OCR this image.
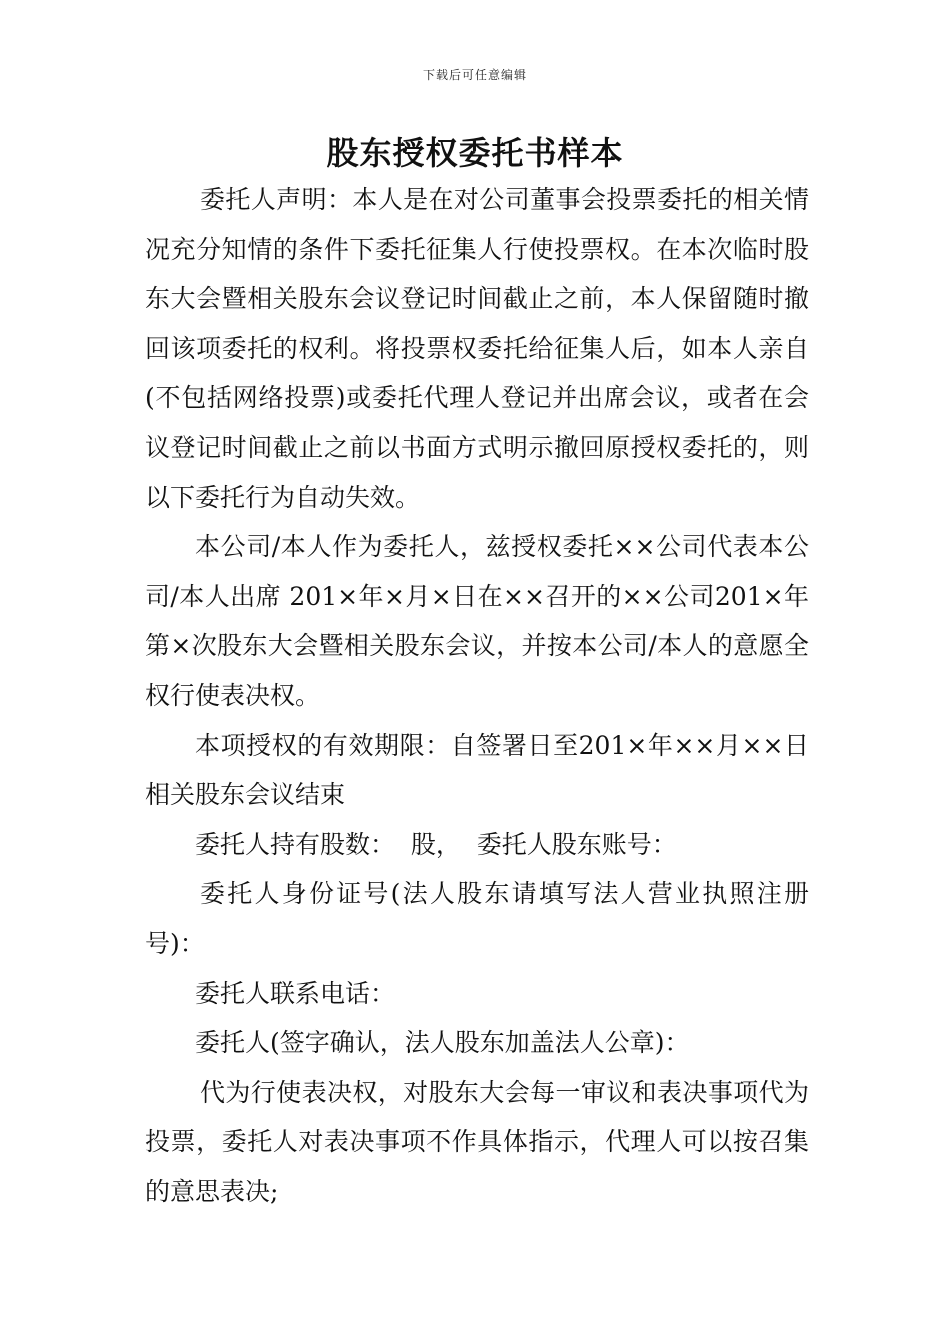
下载后可任意编辑
股东授权委托书样本

委托人声明：本人是在对公司董事会投票委托的相关情况充分知情的条件下委托征集人行使投票权。在本次临时股东大会暨相关股东会议登记时间截止之前，本人保留随时撤回该项委托的权利。将投票权委托给征集人后，如本人亲自(不包括网络投票)或委托代理人登记并出席会议，或者在会议登记时间截止之前以书面方式明示撤回原授权委托的，则以下委托行为自动失效。

本公司/本人作为委托人，兹授权委托××公司代表本公司/本人出席 201×年×月×日在××召开的××公司201×年第×次股东大会暨相关股东会议，并按本公司/本人的意愿全权行使表决权。

本项授权的有效期限：自签署日至201×年××月××日相关股东会议结束

委托人持有股数：  股，  委托人股东账号：

委托人身份证号(法人股东请填写法人营业执照注册号)：

委托人联系电话：

委托人(签字确认，法人股东加盖法人公章)：

代为行使表决权，对股东大会每一审议和表决事项代为投票，委托人对表决事项不作具体指示，代理人可以按召集的意思表决;
